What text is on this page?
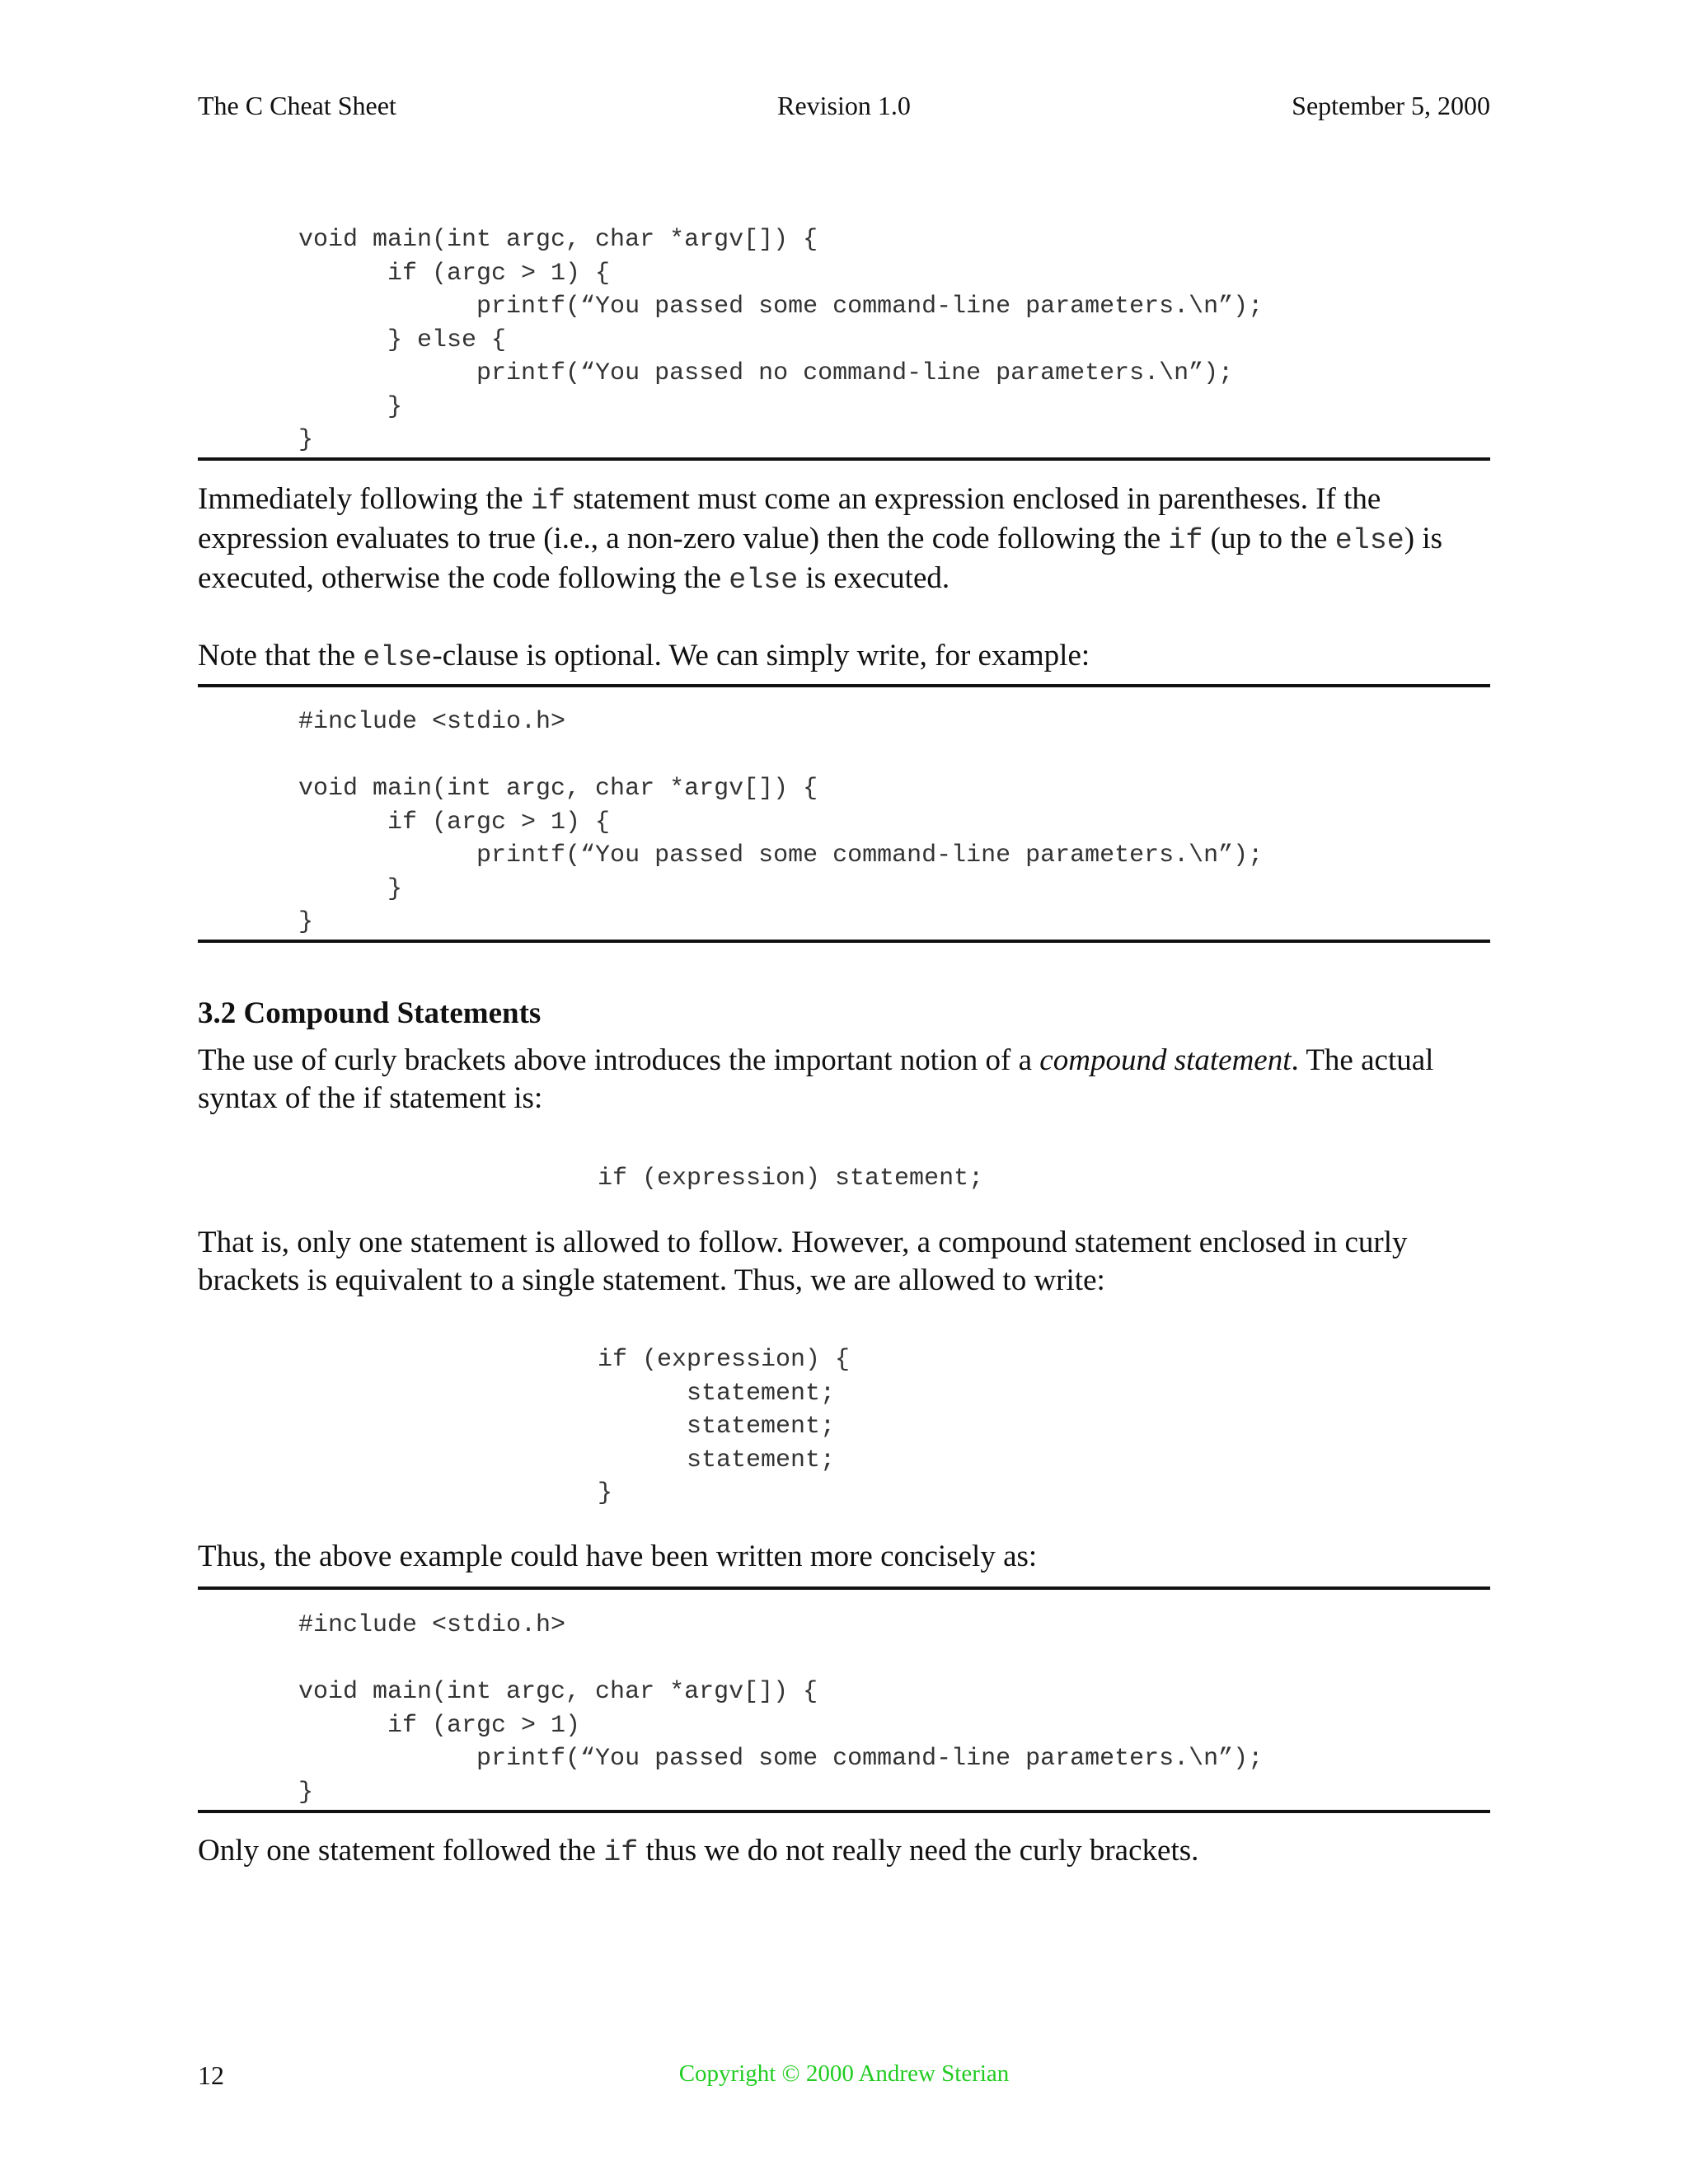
The C Cheat Sheet	Revision 1.0	September 5, 2000
void main(int argc, char *argv[]) {
if (argc > 1) {
printf(“You passed some command-line parameters.\n”);
} else {
printf(“You passed no command-line parameters.\n”);
}
}

Immediately following the if statement must come an expression enclosed in parentheses. If the expression evaluates to true (i.e., a non-zero value) then the code following the if (up to the else) is executed, otherwise the code following the else is executed.

Note that the else-clause is optional. We can simply write, for example:

#include <stdio.h>

void main(int argc, char *argv[]) {
if (argc > 1) {
printf(“You passed some command-line parameters.\n”);
}
}
3.2 Compound Statements

The use of curly brackets above introduces the important notion of a compound statement. The actual syntax of the if statement is:

if (expression) statement;

That is, only one statement is allowed to follow. However, a compound statement enclosed in curly brackets is equivalent to a single statement. Thus, we are allowed to write:

if (expression) {
statement;
statement;
statement;
}

Thus, the above example could have been written more concisely as:

#include <stdio.h>

void main(int argc, char *argv[]) {
if (argc > 1)
printf(“You passed some command-line parameters.\n”);
}

Only one statement followed the if thus we do not really need the curly brackets.

12	Copyright © 2000 Andrew Sterian
